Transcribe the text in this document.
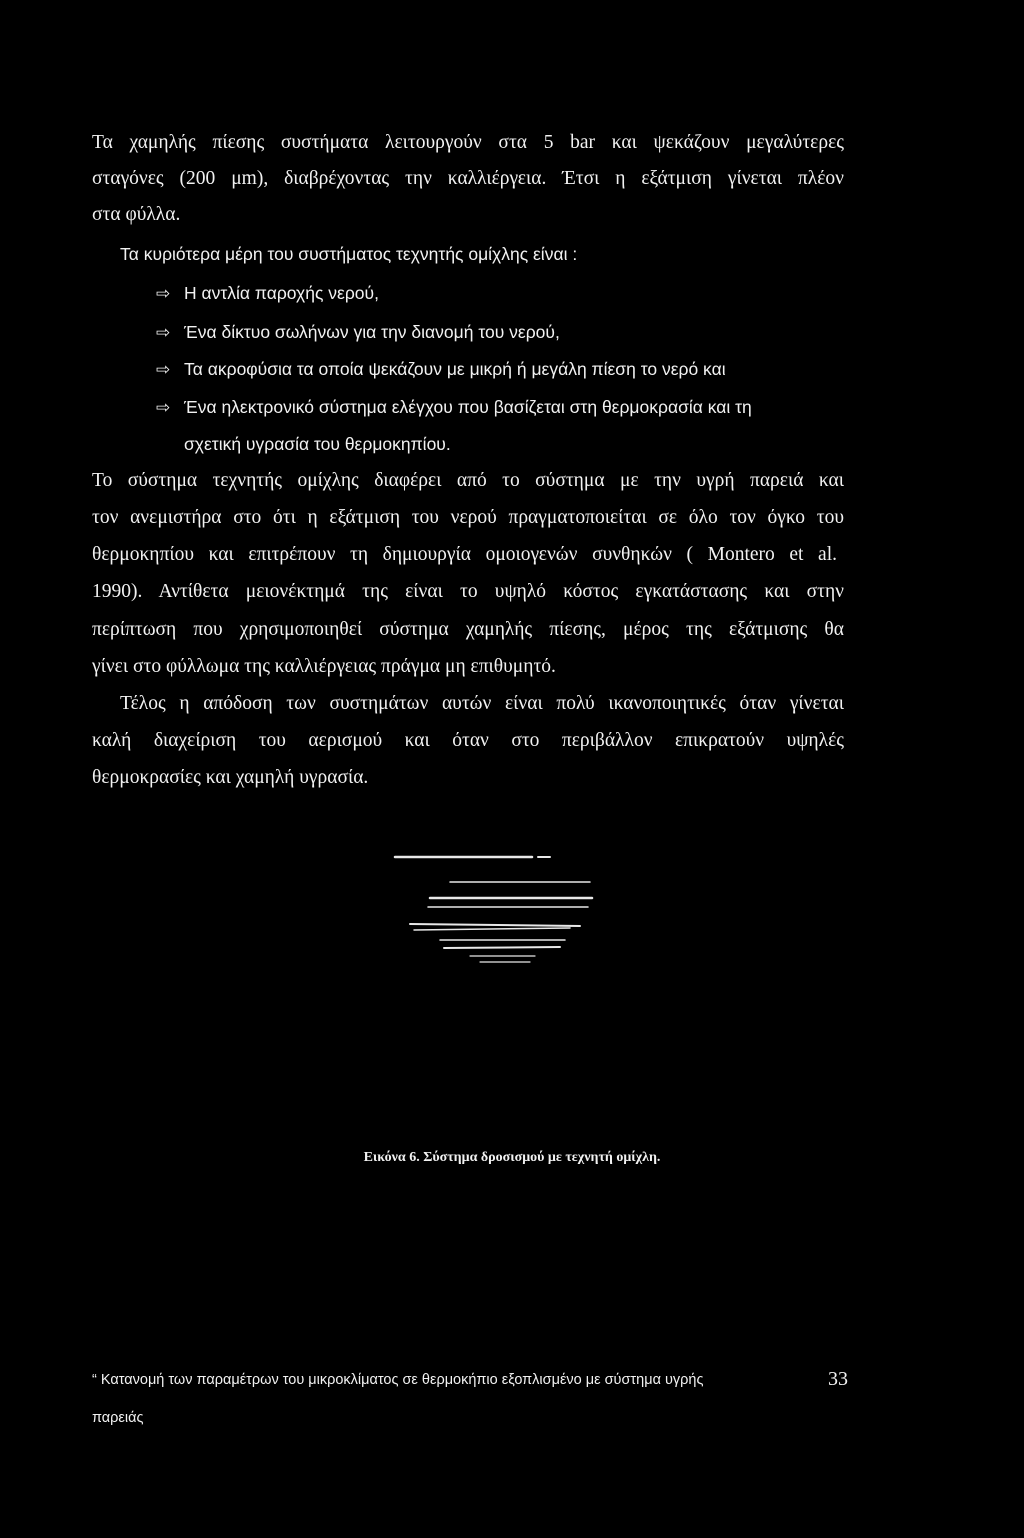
Τα χαμηλής πίεσης συστήματα λειτουργούν στα 5 bar και ψεκάζουν μεγαλύτερες
σταγόνες (200 μm), διαβρέχοντας την καλλιέργεια. Έτσι η εξάτμιση γίνεται πλέον
στα φύλλα.
Τα κυριότερα μέρη του συστήματος τεχνητής ομίχλης είναι :
⇨ Η αντλία παροχής νερού,
⇨ Ένα δίκτυο σωλήνων για την διανομή του νερού,
⇨ Τα ακροφύσια τα οποία ψεκάζουν με μικρή ή μεγάλη πίεση το νερό και
⇨ Ένα ηλεκτρονικό σύστημα ελέγχου που βασίζεται στη θερμοκρασία και τη
σχετική υγρασία του θερμοκηπίου.
Το σύστημα τεχνητής ομίχλης διαφέρει από το σύστημα με την υγρή παρειά και
τον ανεμιστήρα στο ότι η εξάτμιση του νερού πραγματοποιείται σε όλο τον όγκο του
θερμοκηπίου και επιτρέπουν τη δημιουργία ομοιογενών συνθηκών ( Montero et al.
1990). Αντίθετα μειονέκτημά της είναι το υψηλό κόστος εγκατάστασης και στην
περίπτωση που χρησιμοποιηθεί σύστημα χαμηλής πίεσης, μέρος της εξάτμισης θα
γίνει στο φύλλωμα της καλλιέργειας πράγμα μη επιθυμητό.
Τέλος η απόδοση των συστημάτων αυτών είναι πολύ ικανοποιητικές όταν γίνεται
καλή διαχείριση του αερισμού και όταν στο περιβάλλον επικρατούν υψηλές
θερμοκρασίες και χαμηλή υγρασία.
Εικόνα 6. Σύστημα δροσισμού με τεχνητή ομίχλη.
“ Κατανομή των παραμέτρων του μικροκλίματος σε θερμοκήπιο εξοπλισμένο με σύστημα υγρής
παρειάς
33
